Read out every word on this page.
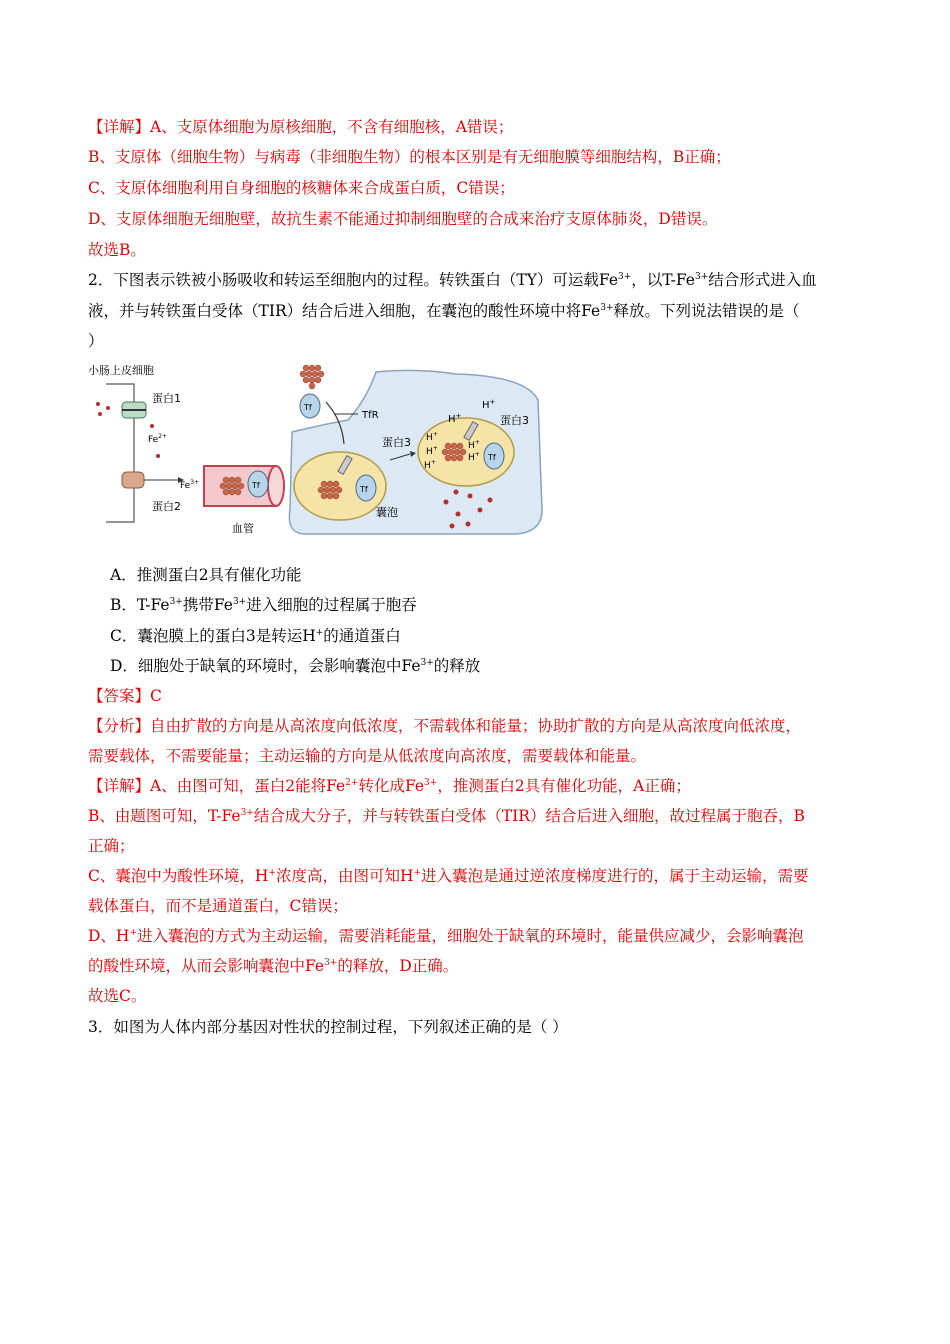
【详解】A、支原体细胞为原核细胞，不含有细胞核，A错误；
B、支原体（细胞生物）与病毒（非细胞生物）的根本区别是有无细胞膜等细胞结构，B正确；
C、支原体细胞利用自身细胞的核糖体来合成蛋白质，C错误；
D、支原体细胞无细胞壁，故抗生素不能通过抑制细胞壁的合成来治疗支原体肺炎，D错误。
故选B。
2．下图表示铁被小肠吸收和转运至细胞内的过程。转铁蛋白（TY）可运载$Fe^{3+}$，以$T-Fe^{3+}$结合形式进入血
液，并与转铁蛋白受体（TIR）结合后进入细胞，在囊泡的酸性环境中将$Fe^{3+}$释放。下列说法错误的是（
）
小肠上皮细胞
蛋白1
$Fe^{2+}$
蛋白2
$Fe^{3+}$	Tf
血管
Tf
TfR
蛋白3
Tf
囊泡
蛋白3
H+
H+
H+
H+
H+
H+
H+ Tf
A．推测蛋白2具有催化功能
B．$T-Fe^{3+}$携带$Fe^{3+}$进入细胞的过程属于胞吞
C．囊泡膜上的蛋白3是转运H+的通道蛋白
D．细胞处于缺氧的环境时，会影响囊泡中$Fe^{3+}$的释放
【答案】C
【分析】自由扩散的方向是从高浓度向低浓度，不需载体和能量；协助扩散的方向是从高浓度向低浓度，
需要载体，不需要能量；主动运输的方向是从低浓度向高浓度，需要载体和能量。
【详解】A、由图可知，蛋白2能将$Fe^{2+}$转化成$Fe^{3+}$，推测蛋白2具有催化功能，A正确；
B、由题图可知，$T-Fe^{3+}$结合成大分子，并与转铁蛋白受体（TIR）结合后进入细胞，故过程属于胞吞，B
正确；
C、囊泡中为酸性环境，H+浓度高，由图可知H+进入囊泡是通过逆浓度梯度进行的，属于主动运输，需要
载体蛋白，而不是通道蛋白，C错误；
D、H+进入囊泡的方式为主动运输，需要消耗能量，细胞处于缺氧的环境时，能量供应减少，会影响囊泡
的酸性环境，从而会影响囊泡中$Fe^{3+}$的释放，D正确。
故选C。
3．如图为人体内部分基因对性状的控制过程，下列叙述正确的是（ ）
